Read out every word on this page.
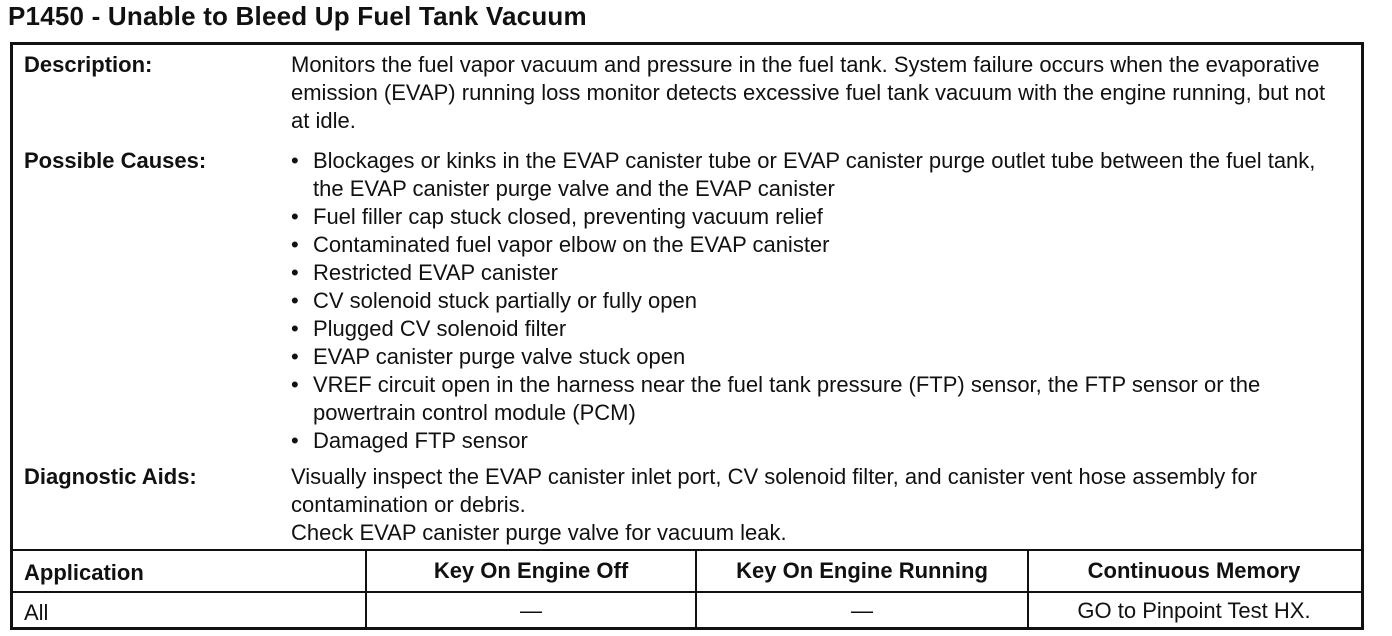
P1450 - Unable to Bleed Up Fuel Tank Vacuum
Description:	Monitors the fuel vapor vacuum and pressure in the fuel tank. System failure occurs when the evaporative emission (EVAP) running loss monitor detects excessive fuel tank vacuum with the engine running, but not at idle.
Possible Causes:	• Blockages or kinks in the EVAP canister tube or EVAP canister purge outlet tube between the fuel tank, the EVAP canister purge valve and the EVAP canister
• Fuel filler cap stuck closed, preventing vacuum relief
• Contaminated fuel vapor elbow on the EVAP canister
• Restricted EVAP canister
• CV solenoid stuck partially or fully open
• Plugged CV solenoid filter
• EVAP canister purge valve stuck open
• VREF circuit open in the harness near the fuel tank pressure (FTP) sensor, the FTP sensor or the powertrain control module (PCM)
• Damaged FTP sensor
Diagnostic Aids:	Visually inspect the EVAP canister inlet port, CV solenoid filter, and canister vent hose assembly for contamination or debris.
Check EVAP canister purge valve for vacuum leak.
Application	Key On Engine Off	Key On Engine Running	Continuous Memory
All	—	—	GO to Pinpoint Test HX.
